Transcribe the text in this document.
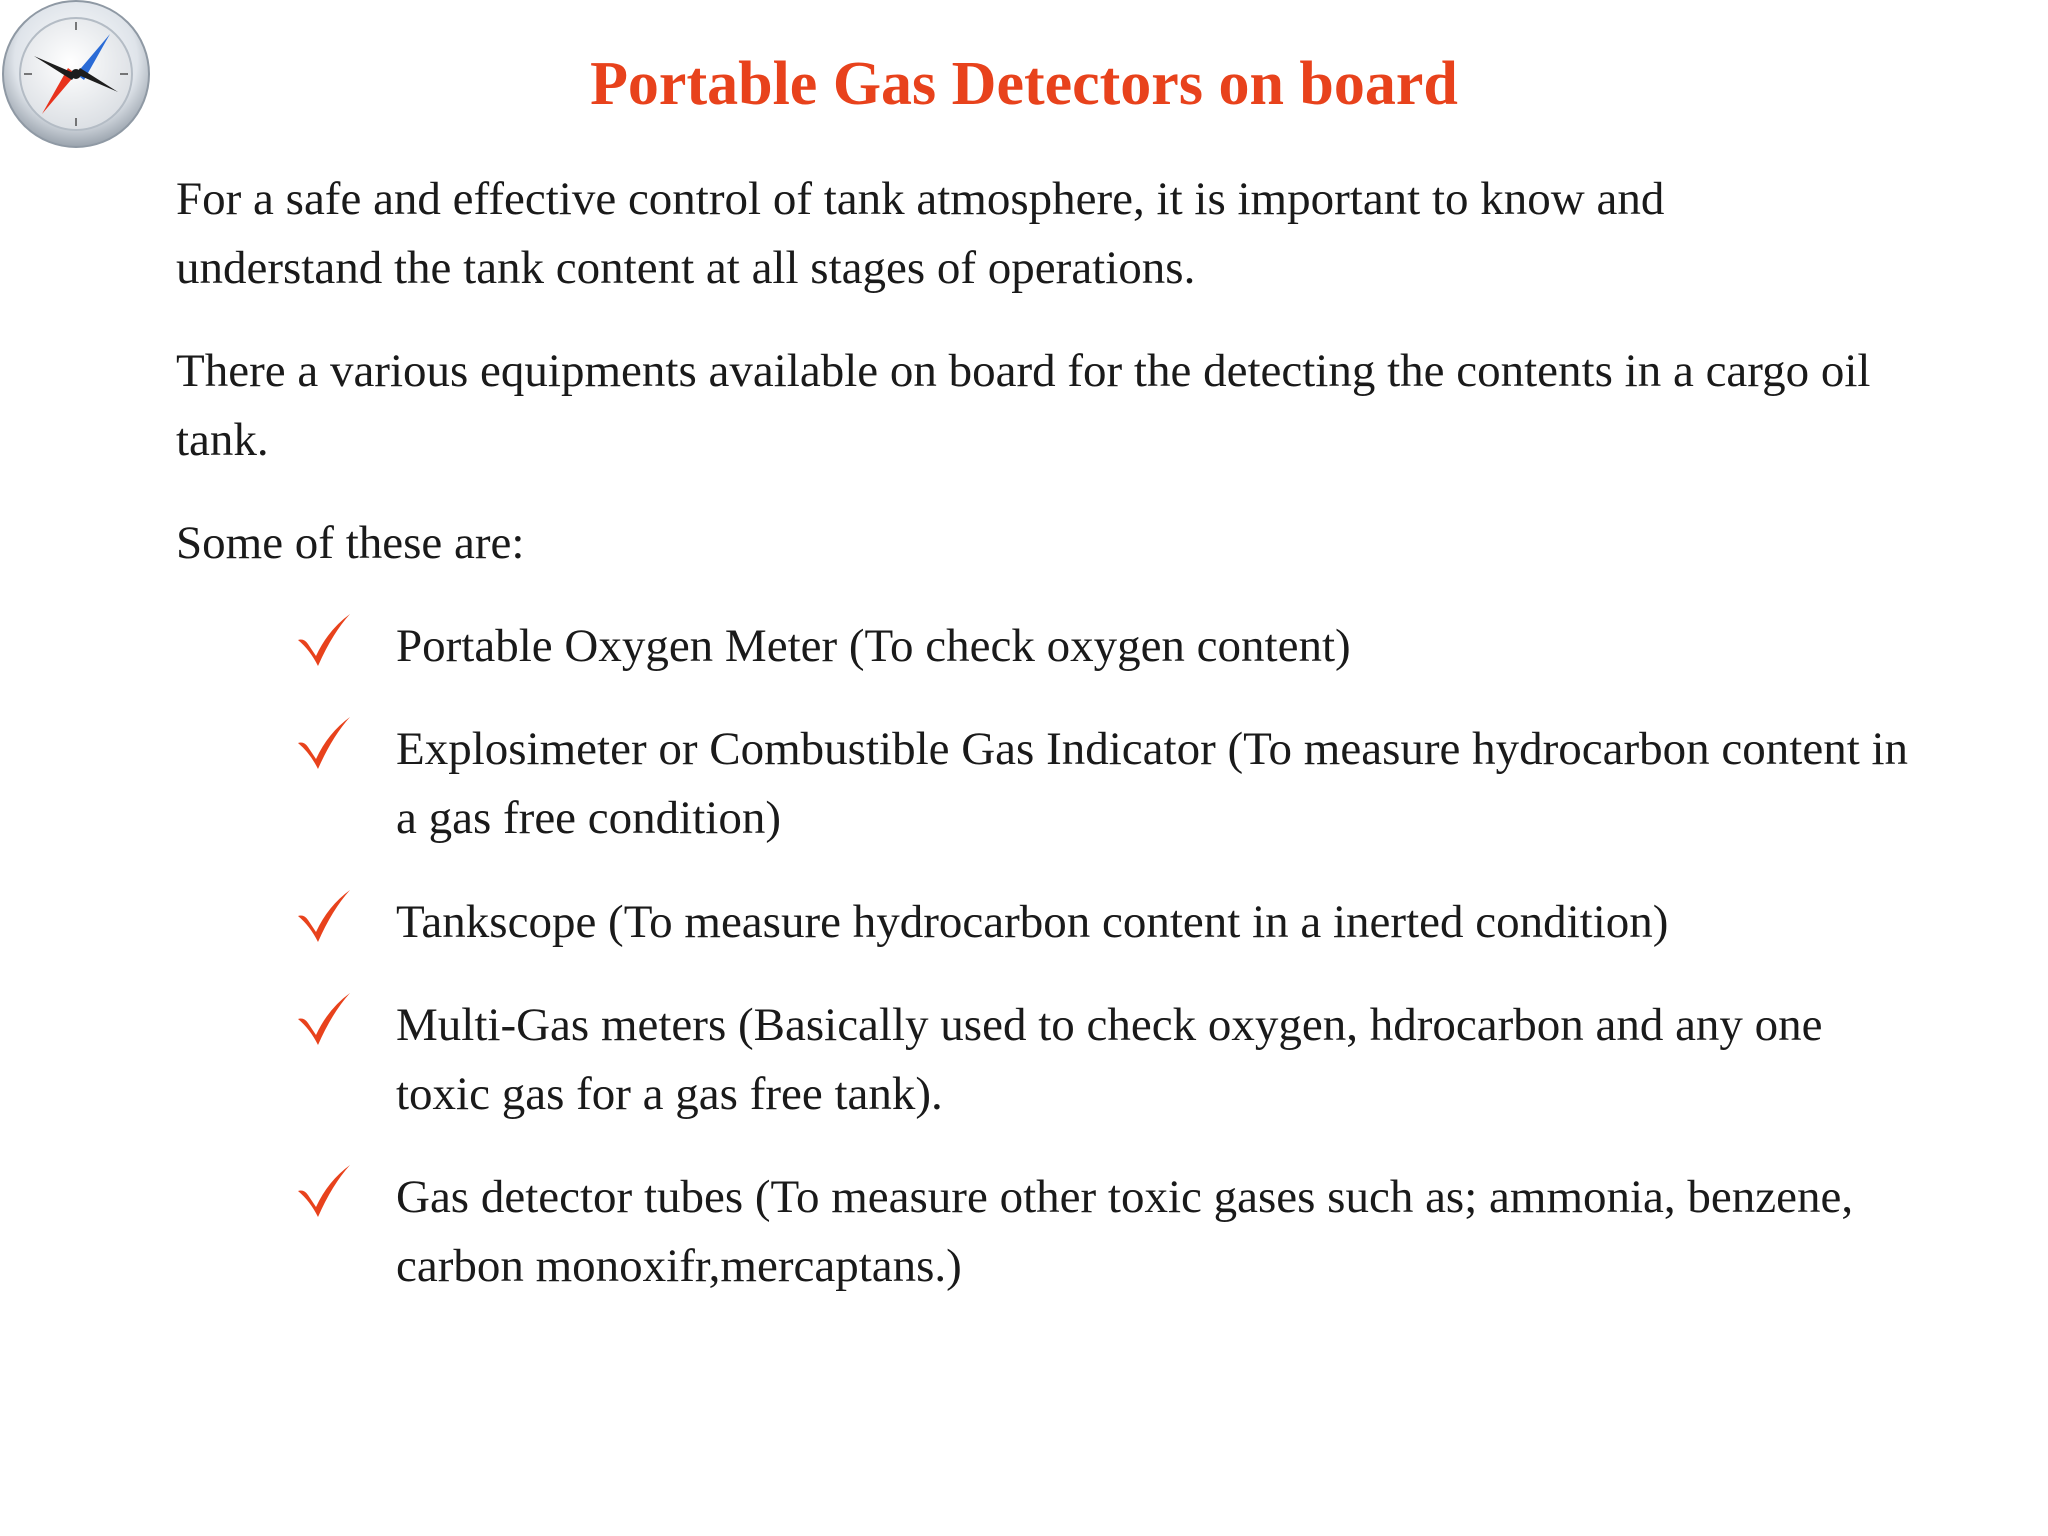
Portable Gas Detectors on board

For a safe and effective control of tank atmosphere, it is important to know and understand the tank content at all stages of operations.

There a various equipments available on board for the detecting the contents in a cargo oil tank.

Some of these are:

Portable Oxygen Meter (To check oxygen content)
Explosimeter or Combustible Gas Indicator (To measure hydrocarbon content in a gas free condition)
Tankscope (To measure hydrocarbon content in a inerted condition)
Multi-Gas meters (Basically used to check oxygen, hdrocarbon and any one toxic gas for a gas free tank).
Gas detector tubes (To measure other toxic gases such as; ammonia, benzene, carbon monoxifr,mercaptans.)
